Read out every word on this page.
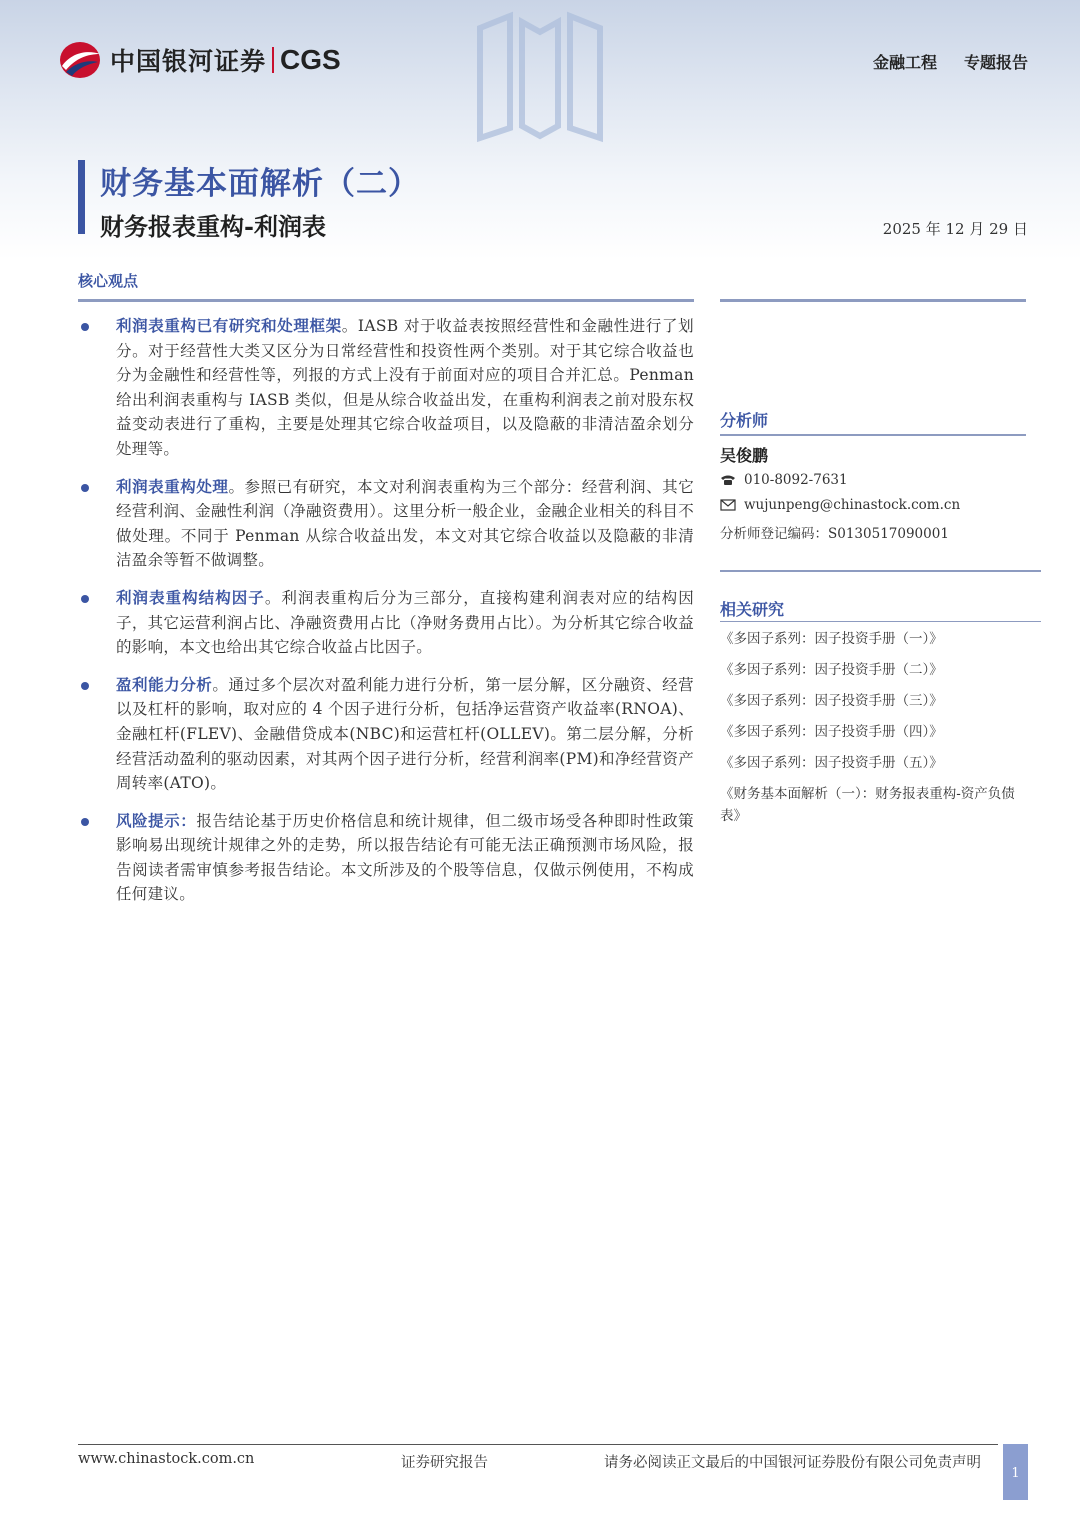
中国银河证券 CGS	金融工程 专题报告
财务基本面解析（二）
财务报表重构-利润表	2025 年 12 月 29 日
核心观点
利润表重构已有研究和处理框架。IASB 对于收益表按照经营性和金融性进行了划分。对于经营性大类又区分为日常经营性和投资性两个类别。对于其它综合收益也分为金融性和经营性等，列报的方式上没有于前面对应的项目合并汇总。Penman 给出利润表重构与 IASB 类似，但是从综合收益出发，在重构利润表之前对股东权益变动表进行了重构，主要是处理其它综合收益项目，以及隐蔽的非清洁盈余划分处理等。
利润表重构处理。参照已有研究，本文对利润表重构为三个部分：经营利润、其它经营利润、金融性利润（净融资费用）。这里分析一般企业，金融企业相关的科目不做处理。不同于 Penman 从综合收益出发，本文对其它综合收益以及隐蔽的非清洁盈余等暂不做调整。
利润表重构结构因子。利润表重构后分为三部分，直接构建利润表对应的结构因子，其它运营利润占比、净融资费用占比（净财务费用占比）。为分析其它综合收益的影响，本文也给出其它综合收益占比因子。
盈利能力分析。通过多个层次对盈利能力进行分析，第一层分解，区分融资、经营以及杠杆的影响，取对应的 4 个因子进行分析，包括净运营资产收益率(RNOA)、金融杠杆(FLEV)、金融借贷成本(NBC)和运营杠杆(OLLEV)。第二层分解，分析经营活动盈利的驱动因素，对其两个因子进行分析，经营利润率(PM)和净经营资产周转率(ATO)。
风险提示：报告结论基于历史价格信息和统计规律，但二级市场受各种即时性政策影响易出现统计规律之外的走势，所以报告结论有可能无法正确预测市场风险，报告阅读者需审慎参考报告结论。本文所涉及的个股等信息，仅做示例使用，不构成任何建议。
分析师
吴俊鹏
010-8092-7631
wujunpeng@chinastock.com.cn
分析师登记编码：S0130517090001
相关研究
《多因子系列：因子投资手册（一）》
《多因子系列：因子投资手册（二）》
《多因子系列：因子投资手册（三）》
《多因子系列：因子投资手册（四）》
《多因子系列：因子投资手册（五）》
《财务基本面解析（一）：财务报表重构-资产负债表》
www.chinastock.com.cn	证券研究报告	请务必阅读正文最后的中国银河证券股份有限公司免责声明
1
